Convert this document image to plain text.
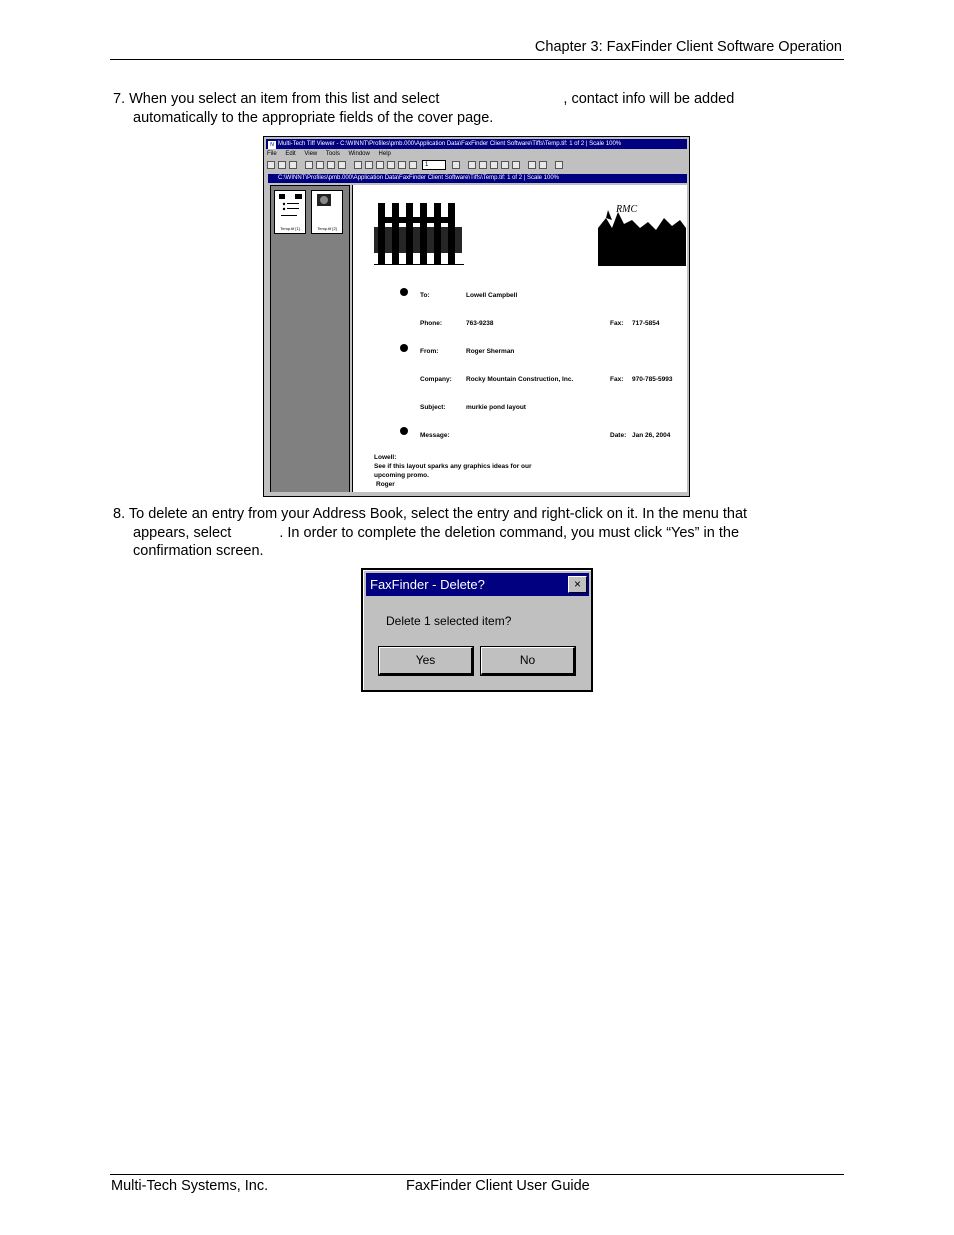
Chapter 3: FaxFinder Client Software Operation
7. When you select an item from this list and select	, contact info will be added
automatically to the appropriate fields of the cover page.
N Multi-Tech Tiff Viewer - C:\WINNT\Profiles\pmb.000\Application Data\FaxFinder Client Software\Tiffs\Temp.tif: 1 of 2 | Scale 100%
File Edit View Tools Window Help
1
C:\WINNT\Profiles\pmb.000\Application Data\FaxFinder Client Software\Tiffs\Temp.tif: 1 of 2 | Scale 100%
Temp.tif [1]	Temp.tif [2]
RMC
To:	Lowell Campbell
Phone:	763-9238	Fax: 717-5854
From:	Roger Sherman
Company: Rocky Mountain Construction, Inc.	Fax: 970-785-5993
Subject:	murkie pond layout
Message:	Date: Jan 26, 2004
Lowell:
See if this layout sparks any graphics ideas for our
upcoming promo.
Roger
8. To delete an entry from your Address Book, select the entry and right-click on it. In the menu that
appears, select	. In order to complete the deletion command, you must click “Yes” in the
confirmation screen.
FaxFinder - Delete?	×
Delete 1 selected item?
Yes	No
Multi-Tech Systems, Inc.	FaxFinder Client User Guide
